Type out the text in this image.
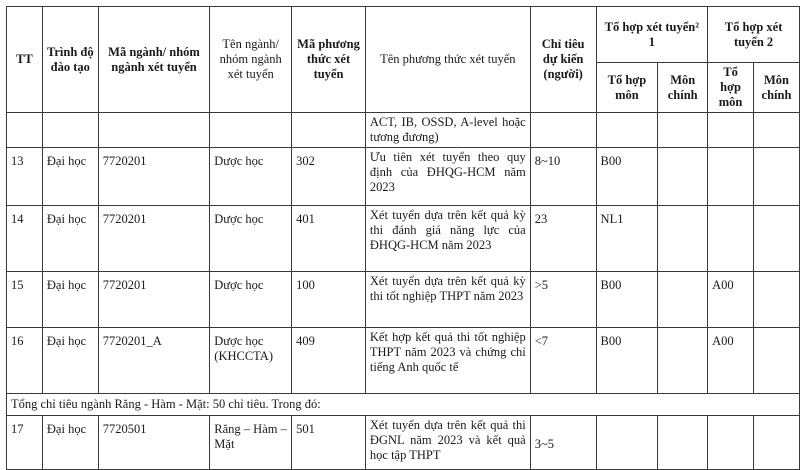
TT	Trình độ đào tạo	Mã ngành/ nhóm ngành xét tuyển	Tên ngành/ nhóm ngành xét tuyển	Mã phương thức xét tuyển	Tên phương thức xét tuyển	Chỉ tiêu dự kiến (người)	Tổ hợp xét tuyển² 1		Tổ hợp xét tuyển 2	
							Tổ hợp môn	Môn chính	Tổ hợp môn	Môn chính
					ACT, IB, OSSD, A-level hoặc tương đương)					
13	Đại học	7720201	Dược học	302	Ưu tiên xét tuyển theo quy định của ĐHQG-HCM năm 2023	8~10	B00			
14	Đại học	7720201	Dược học	401	Xét tuyển dựa trên kết quả kỳ thi đánh giá năng lực của ĐHQG-HCM năm 2023	23	NL1			
15	Đại học	7720201	Dược học	100	Xét tuyển dựa trên kết quả kỳ thi tốt nghiệp THPT năm 2023	>5	B00		A00	
16	Đại học	7720201_A	Dược học (KHCCTA)	409	Kết hợp kết quả thi tốt nghiệp THPT năm 2023 và chứng chỉ tiếng Anh quốc tế	<7	B00		A00	
Tổng chỉ tiêu ngành Răng - Hàm - Mặt: 50 chỉ tiêu. Trong đó:										
17	Đại học	7720501	Răng – Hàm – Mặt	501	Xét tuyển dựa trên kết quả thi ĐGNL năm 2023 và kết quả học tập THPT	3~5				
